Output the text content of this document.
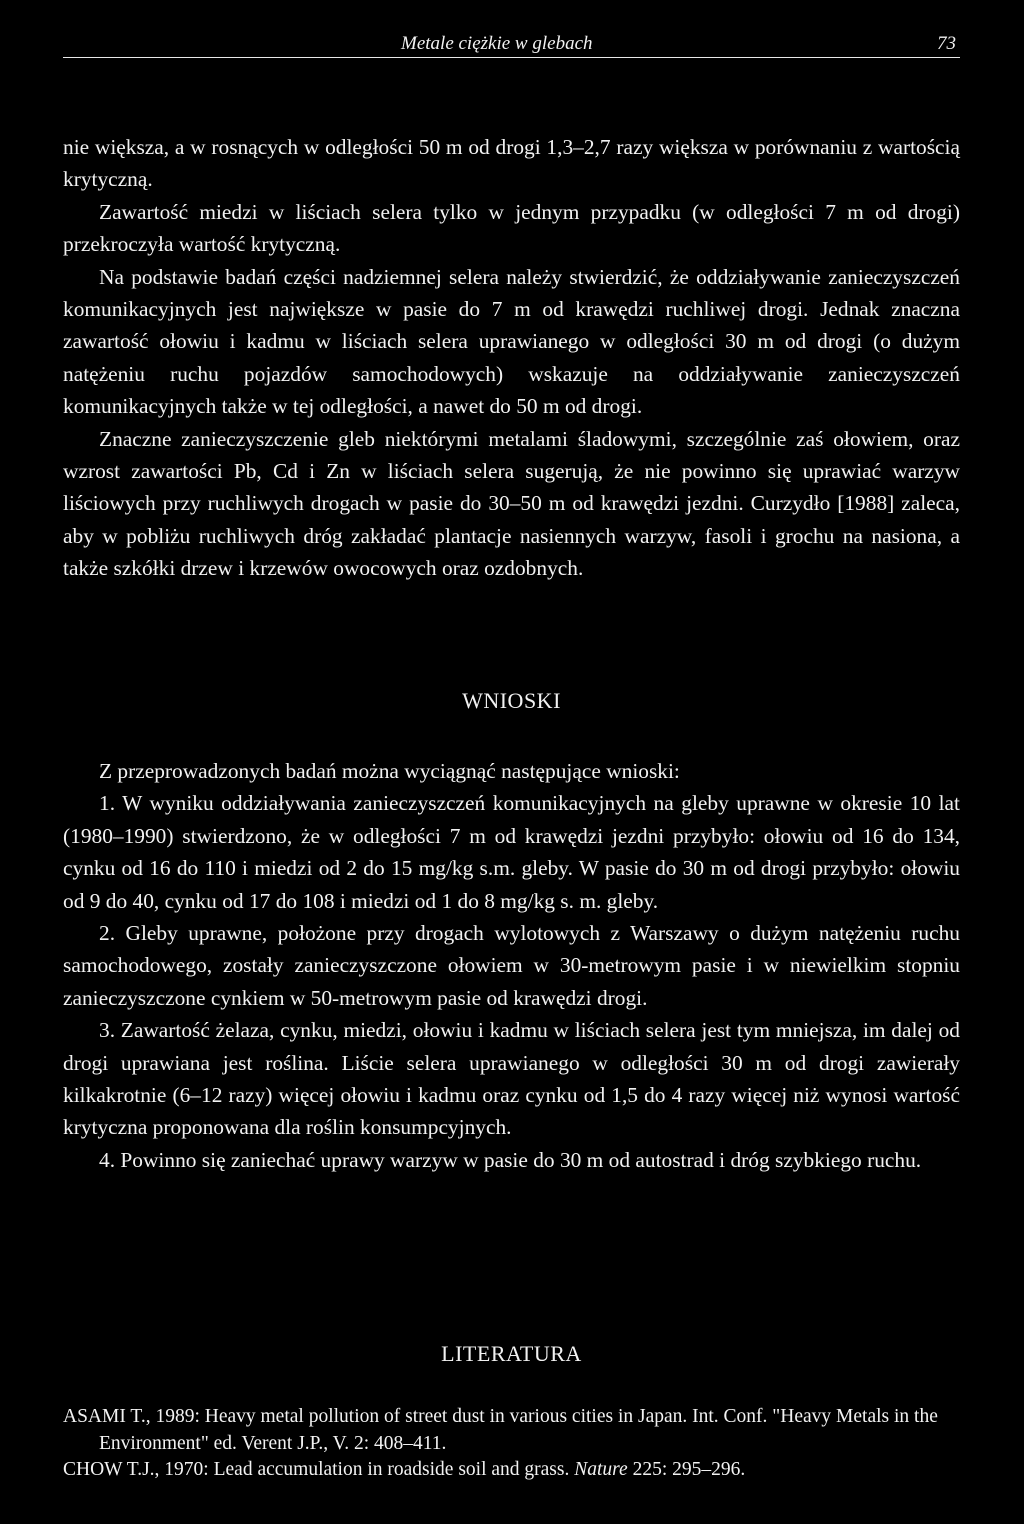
Metale ciężkie w glebach	73

nie większa, a w rosnących w odległości 50 m od drogi 1,3–2,7 razy większa w porównaniu z wartością krytyczną.

Zawartość miedzi w liściach selera tylko w jednym przypadku (w odległości 7 m od drogi) przekroczyła wartość krytyczną.

Na podstawie badań części nadziemnej selera należy stwierdzić, że oddziaływanie zanieczyszczeń komunikacyjnych jest największe w pasie do 7 m od krawędzi ruchliwej drogi. Jednak znaczna zawartość ołowiu i kadmu w liściach selera uprawianego w odległości 30 m od drogi (o dużym natężeniu ruchu pojazdów samochodowych) wskazuje na oddziaływanie zanieczyszczeń komunikacyjnych także w tej odległości, a nawet do 50 m od drogi.

Znaczne zanieczyszczenie gleb niektórymi metalami śladowymi, szczególnie zaś ołowiem, oraz wzrost zawartości Pb, Cd i Zn w liściach selera sugerują, że nie powinno się uprawiać warzyw liściowych przy ruchliwych drogach w pasie do 30–50 m od krawędzi jezdni. Curzydło [1988] zaleca, aby w pobliżu ruchliwych dróg zakładać plantacje nasiennych warzyw, fasoli i grochu na nasiona, a także szkółki drzew i krzewów owocowych oraz ozdobnych.

WNIOSKI

Z przeprowadzonych badań można wyciągnąć następujące wnioski:

1. W wyniku oddziaływania zanieczyszczeń komunikacyjnych na gleby uprawne w okresie 10 lat (1980–1990) stwierdzono, że w odległości 7 m od krawędzi jezdni przybyło: ołowiu od 16 do 134, cynku od 16 do 110 i miedzi od 2 do 15 mg/kg s.m. gleby. W pasie do 30 m od drogi przybyło: ołowiu od 9 do 40, cynku od 17 do 108 i miedzi od 1 do 8 mg/kg s. m. gleby.

2. Gleby uprawne, położone przy drogach wylotowych z Warszawy o dużym natężeniu ruchu samochodowego, zostały zanieczyszczone ołowiem w 30-metrowym pasie i w niewielkim stopniu zanieczyszczone cynkiem w 50-metrowym pasie od krawędzi drogi.

3. Zawartość żelaza, cynku, miedzi, ołowiu i kadmu w liściach selera jest tym mniejsza, im dalej od drogi uprawiana jest roślina. Liście selera uprawianego w odległości 30 m od drogi zawierały kilkakrotnie (6–12 razy) więcej ołowiu i kadmu oraz cynku od 1,5 do 4 razy więcej niż wynosi wartość krytyczna proponowana dla roślin konsumpcyjnych.

4. Powinno się zaniechać uprawy warzyw w pasie do 30 m od autostrad i dróg szybkiego ruchu.

LITERATURA

ASAMI T., 1989: Heavy metal pollution of street dust in various cities in Japan. Int. Conf. "Heavy Metals in the Environment" ed. Verent J.P., V. 2: 408–411.

CHOW T.J., 1970: Lead accumulation in roadside soil and grass. Nature 225: 295–296.
